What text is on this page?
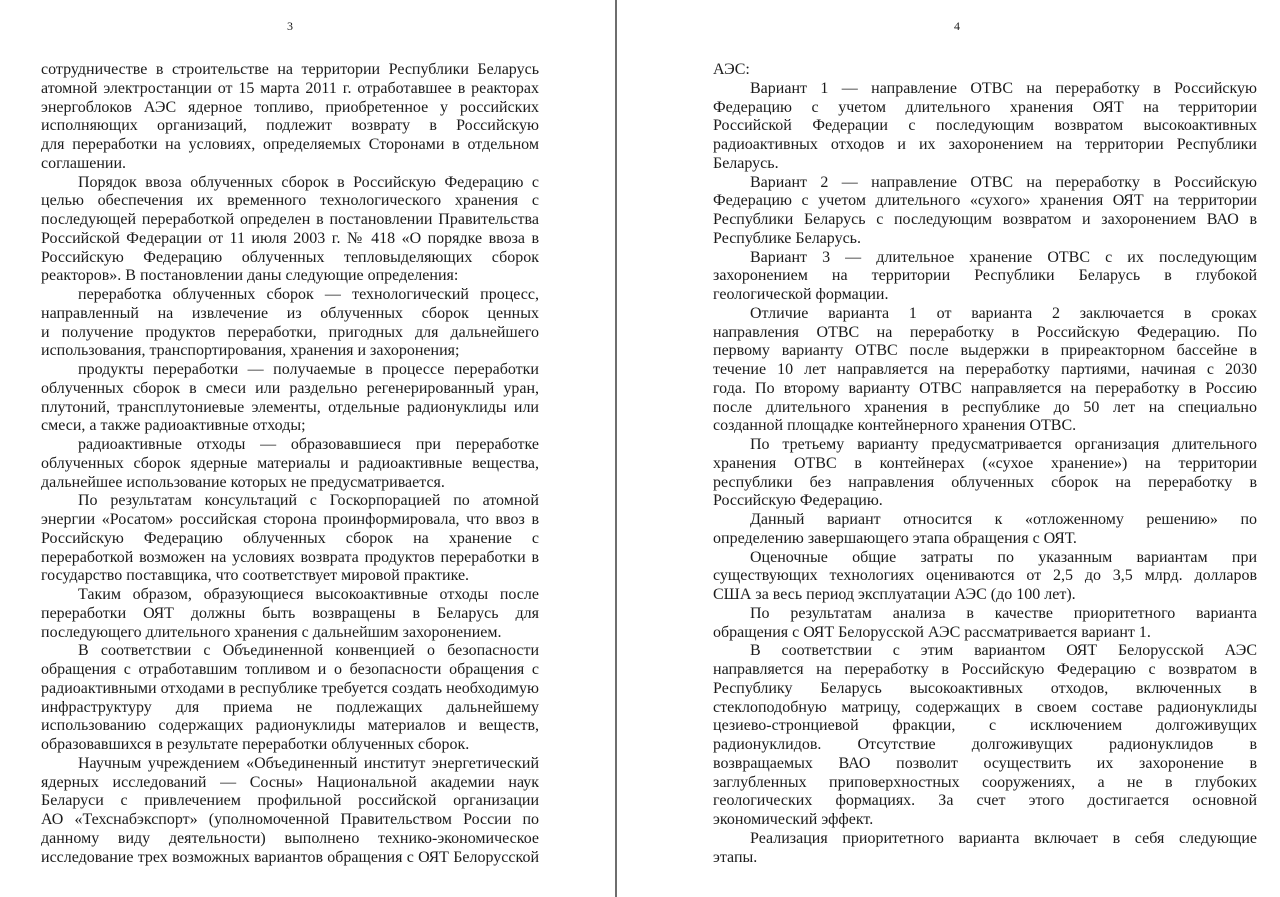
3
сотрудничестве в строительстве на территории Республики Беларусь
атомной электростанции от 15 марта 2011 г. отработавшее в реакторах
энергоблоков АЭС ядерное топливо, приобретенное у российских
исполняющих организаций, подлежит возврату в Российскую
для переработки на условиях, определяемых Сторонами в отдельном
соглашении.
Порядок ввоза облученных сборок в Российскую Федерацию с
целью обеспечения их временного технологического хранения с
последующей переработкой определен в постановлении Правительства
Российской Федерации от 11 июля 2003 г. № 418 «О порядке ввоза в
Российскую Федерацию облученных тепловыделяющих сборок
реакторов». В постановлении даны следующие определения:
переработка облученных сборок — технологический процесс,
направленный на извлечение из облученных сборок ценных
и получение продуктов переработки, пригодных для дальнейшего
использования, транспортирования, хранения и захоронения;
продукты переработки — получаемые в процессе переработки
облученных сборок в смеси или раздельно регенерированный уран,
плутоний, трансплутониевые элементы, отдельные радионуклиды или
смеси, а также радиоактивные отходы;
радиоактивные отходы — образовавшиеся при переработке
облученных сборок ядерные материалы и радиоактивные вещества,
дальнейшее использование которых не предусматривается.
По результатам консультаций с Госкорпорацией по атомной
энергии «Росатом» российская сторона проинформировала, что ввоз в
Российскую Федерацию облученных сборок на хранение с
переработкой возможен на условиях возврата продуктов переработки в
государство поставщика, что соответствует мировой практике.
Таким образом, образующиеся высокоактивные отходы после
переработки ОЯТ должны быть возвращены в Беларусь для
последующего длительного хранения с дальнейшим захоронением.
В соответствии с Объединенной конвенцией о безопасности
обращения с отработавшим топливом и о безопасности обращения с
радиоактивными отходами в республике требуется создать необходимую
инфраструктуру для приема не подлежащих дальнейшему
использованию содержащих радионуклиды материалов и веществ,
образовавшихся в результате переработки облученных сборок.
Научным учреждением «Объединенный институт энергетический
ядерных исследований — Сосны» Национальной академии наук
Беларуси с привлечением профильной российской организации
АО «Техснабэкспорт» (уполномоченной Правительством России по
данному виду деятельности) выполнено технико-экономическое
исследование трех возможных вариантов обращения с ОЯТ Белорусской
4
АЭС:
Вариант 1 — направление ОТВС на переработку в Российскую
Федерацию с учетом длительного хранения ОЯТ на территории
Российской Федерации с последующим возвратом высокоактивных
радиоактивных отходов и их захоронением на территории Республики
Беларусь.
Вариант 2 — направление ОТВС на переработку в Российскую
Федерацию с учетом длительного «сухого» хранения ОЯТ на территории
Республики Беларусь с последующим возвратом и захоронением ВАО в
Республике Беларусь.
Вариант 3 — длительное хранение ОТВС с их последующим
захоронением на территории Республики Беларусь в глубокой
геологической формации.
Отличие варианта 1 от варианта 2 заключается в сроках
направления ОТВС на переработку в Российскую Федерацию. По
первому варианту ОТВС после выдержки в приреакторном бассейне в
течение 10 лет направляется на переработку партиями, начиная с 2030
года. По второму варианту ОТВС направляется на переработку в Россию
после длительного хранения в республике до 50 лет на специально
созданной площадке контейнерного хранения ОТВС.
По третьему варианту предусматривается организация длительного
хранения ОТВС в контейнерах («сухое хранение») на территории
республики без направления облученных сборок на переработку в
Российскую Федерацию.
Данный вариант относится к «отложенному решению» по
определению завершающего этапа обращения с ОЯТ.
Оценочные общие затраты по указанным вариантам при
существующих технологиях оцениваются от 2,5 до 3,5 млрд. долларов
США за весь период эксплуатации АЭС (до 100 лет).
По результатам анализа в качестве приоритетного варианта
обращения с ОЯТ Белорусской АЭС рассматривается вариант 1.
В соответствии с этим вариантом ОЯТ Белорусской АЭС
направляется на переработку в Российскую Федерацию с возвратом в
Республику Беларусь высокоактивных отходов, включенных в
стеклоподобную матрицу, содержащих в своем составе радионуклиды
цезиево-стронциевой фракции, с исключением долгоживущих
радионуклидов. Отсутствие долгоживущих радионуклидов в
возвращаемых ВАО позволит осуществить их захоронение в
заглубленных приповерхностных сооружениях, а не в глубоких
геологических формациях. За счет этого достигается основной
экономический эффект.
Реализация приоритетного варианта включает в себя следующие
этапы.
